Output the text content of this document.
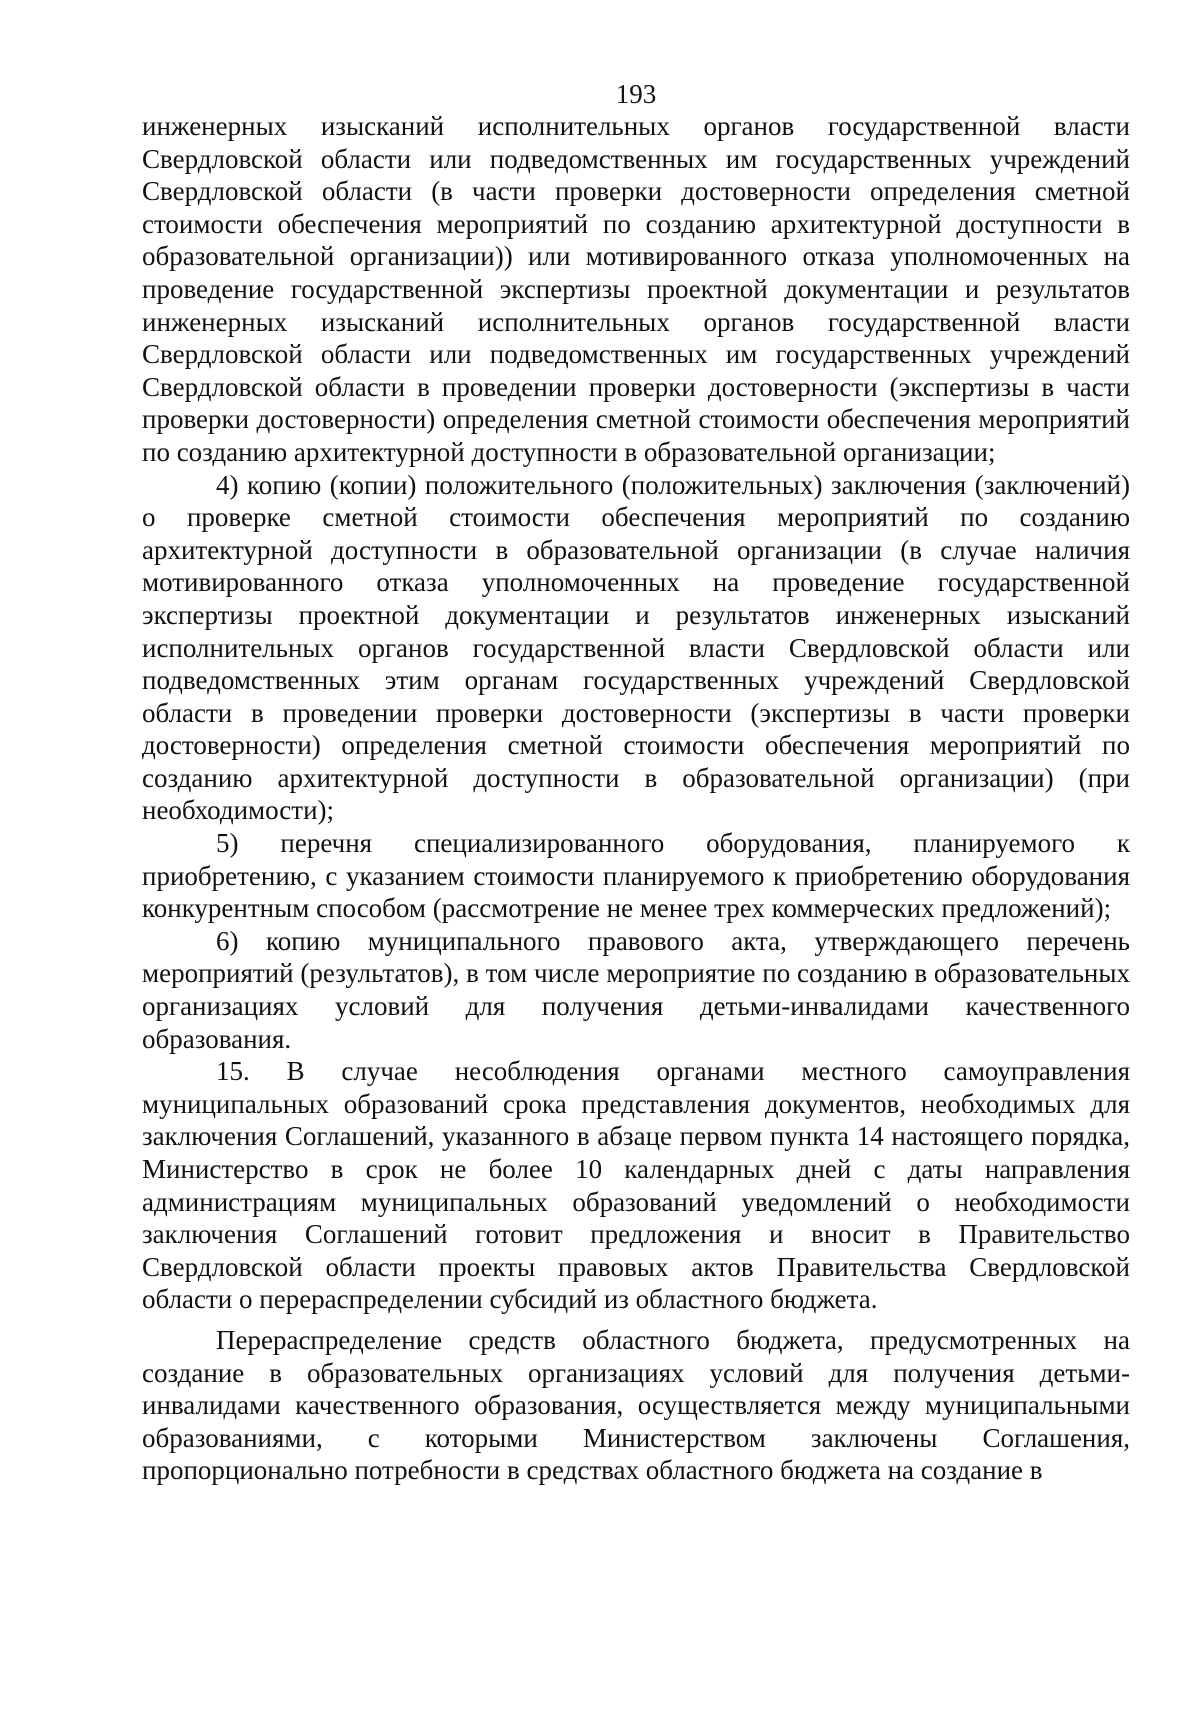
193

инженерных изысканий исполнительных органов государственной власти Свердловской области или подведомственных им государственных учреждений Свердловской области (в части проверки достоверности определения сметной стоимости обеспечения мероприятий по созданию архитектурной доступности в образовательной организации)) или мотивированного отказа уполномоченных на проведение государственной экспертизы проектной документации и результатов инженерных изысканий исполнительных органов государственной власти Свердловской области или подведомственных им государственных учреждений Свердловской области в проведении проверки достоверности (экспертизы в части проверки достоверности) определения сметной стоимости обеспечения мероприятий по созданию архитектурной доступности в образовательной организации;

4) копию (копии) положительного (положительных) заключения (заключений) о проверке сметной стоимости обеспечения мероприятий по созданию архитектурной доступности в образовательной организации (в случае наличия мотивированного отказа уполномоченных на проведение государственной экспертизы проектной документации и результатов инженерных изысканий исполнительных органов государственной власти Свердловской области или подведомственных этим органам государственных учреждений Свердловской области в проведении проверки достоверности (экспертизы в части проверки достоверности) определения сметной стоимости обеспечения мероприятий по созданию архитектурной доступности в образовательной организации) (при необходимости);

5) перечня специализированного оборудования, планируемого к приобретению, с указанием стоимости планируемого к приобретению оборудования конкурентным способом (рассмотрение не менее трех коммерческих предложений);

6) копию муниципального правового акта, утверждающего перечень мероприятий (результатов), в том числе мероприятие по созданию в образовательных организациях условий для получения детьми-инвалидами качественного образования.

15. В случае несоблюдения органами местного самоуправления муниципальных образований срока представления документов, необходимых для заключения Соглашений, указанного в абзаце первом пункта 14 настоящего порядка, Министерство в срок не более 10 календарных дней с даты направления администрациям муниципальных образований уведомлений о необходимости заключения Соглашений готовит предложения и вносит в Правительство Свердловской области проекты правовых актов Правительства Свердловской области о перераспределении субсидий из областного бюджета.

Перераспределение средств областного бюджета, предусмотренных на создание в образовательных организациях условий для получения детьми-инвалидами качественного образования, осуществляется между муниципальными образованиями, с которыми Министерством заключены Соглашения, пропорционально потребности в средствах областного бюджета на создание в
